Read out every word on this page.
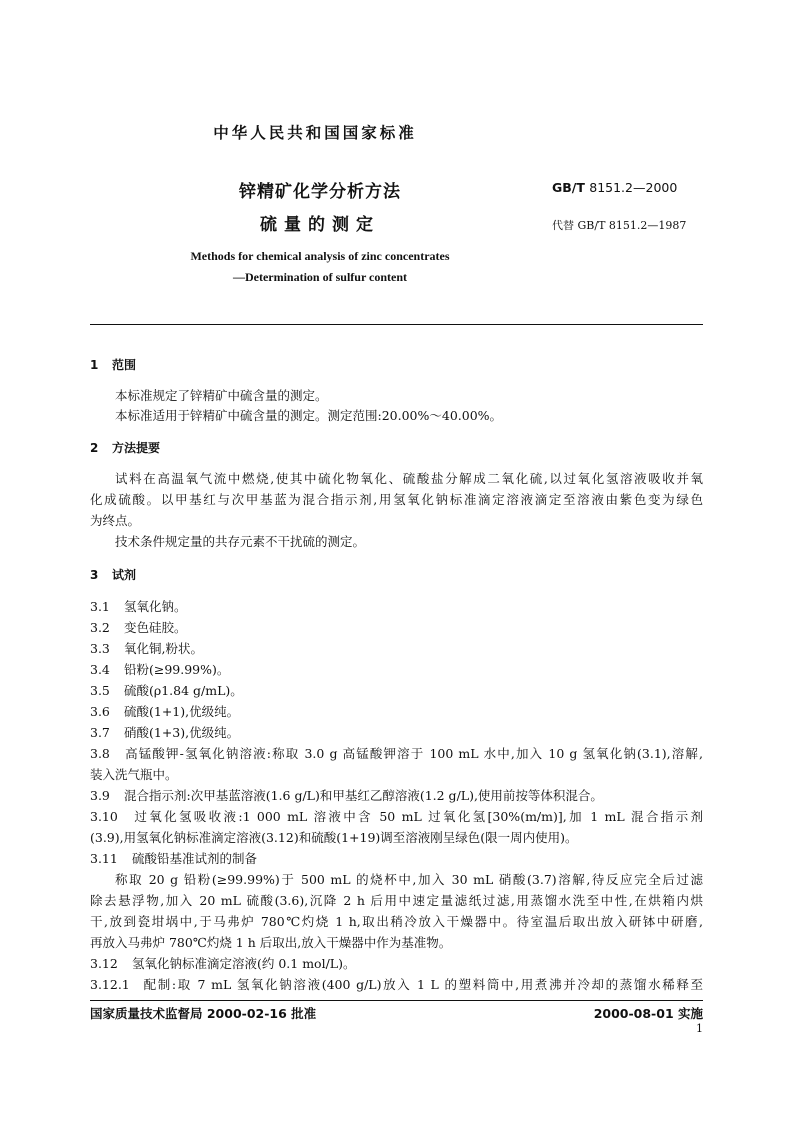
中华人民共和国国家标准
锌精矿化学分析方法
硫量的测定
GB/T 8151.2—2000
代替 GB/T 8151.2—1987
Methods for chemical analysis of zinc concentrates
—Determination of sulfur content
1 范围
本标准规定了锌精矿中硫含量的测定。
本标准适用于锌精矿中硫含量的测定。测定范围:20.00%～40.00%。
2 方法提要
试料在高温氧气流中燃烧,使其中硫化物氧化、硫酸盐分解成二氧化硫,以过氧化氢溶液吸收并氧
化成硫酸。以甲基红与次甲基蓝为混合指示剂,用氢氧化钠标准滴定溶液滴定至溶液由紫色变为绿色
为终点。
技术条件规定量的共存元素不干扰硫的测定。
3 试剂
3.1 氢氧化钠。
3.2 变色硅胶。
3.3 氧化铜,粉状。
3.4 铅粉(≥99.99%)。
3.5 硫酸(ρ1.84 g/mL)。
3.6 硫酸(1+1),优级纯。
3.7 硝酸(1+3),优级纯。
3.8 高锰酸钾-氢氧化钠溶液:称取 3.0 g 高锰酸钾溶于 100 mL 水中,加入 10 g 氢氧化钠(3.1),溶解,
装入洗气瓶中。
3.9 混合指示剂:次甲基蓝溶液(1.6 g/L)和甲基红乙醇溶液(1.2 g/L),使用前按等体积混合。
3.10 过氧化氢吸收液:1 000 mL 溶液中含 50 mL 过氧化氢[30%(m/m)],加 1 mL 混合指示剂
(3.9),用氢氧化钠标准滴定溶液(3.12)和硫酸(1+19)调至溶液刚呈绿色(限一周内使用)。
3.11 硫酸铅基准试剂的制备
称取 20 g 铅粉(≥99.99%)于 500 mL 的烧杯中,加入 30 mL 硝酸(3.7)溶解,待反应完全后过滤
除去悬浮物,加入 20 mL 硫酸(3.6),沉降 2 h 后用中速定量滤纸过滤,用蒸馏水洗至中性,在烘箱内烘
干,放到瓷坩埚中,于马弗炉 780℃灼烧 1 h,取出稍冷放入干燥器中。待室温后取出放入研钵中研磨,
再放入马弗炉 780℃灼烧 1 h 后取出,放入干燥器中作为基准物。
3.12 氢氧化钠标准滴定溶液(约 0.1 mol/L)。
3.12.1 配制:取 7 mL 氢氧化钠溶液(400 g/L)放入 1 L 的塑料筒中,用煮沸并冷却的蒸馏水稀释至
国家质量技术监督局 2000-02-16 批准	2000-08-01 实施
1
